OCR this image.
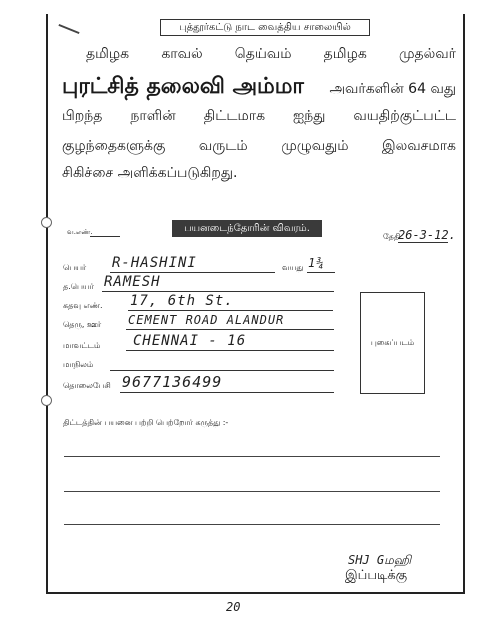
புத்தூர்கட்டு நாட வைத்திய சாலையில்
தமிழக காவல் தெய்வம் தமிழக முதல்வர்
புரட்சித் தலைவி அம்மா அவர்களின் 64 வது
பிறந்த நாளின் திட்டமாக ஐந்து வயதிற்குட்பட்ட
குழந்தைகளுக்கு வருடம் முழுவதும் இலவசமாக
சிகிச்சை அளிக்கப்படுகிறது.
வ.எண்.	பயனடைந்தோரின் விவரம்.
தேதி:
26-3-12.
பெயர் R-HASHINI	வயது 1¾
த.பெயர் RAMESH
கதவு எண். 17, 6th St.
தெரு, ஊர் CEMENT ROAD ALANDUR
மாவட்டம் CHENNAI - 16
மாநிலம்
தொலைபேசி 9677136499
புகைப்படம்
திட்டத்தின் பயனை பற்றி பெற்றோர் கருத்து :-
SHJ Gமஹி
இப்படிக்கு
20
